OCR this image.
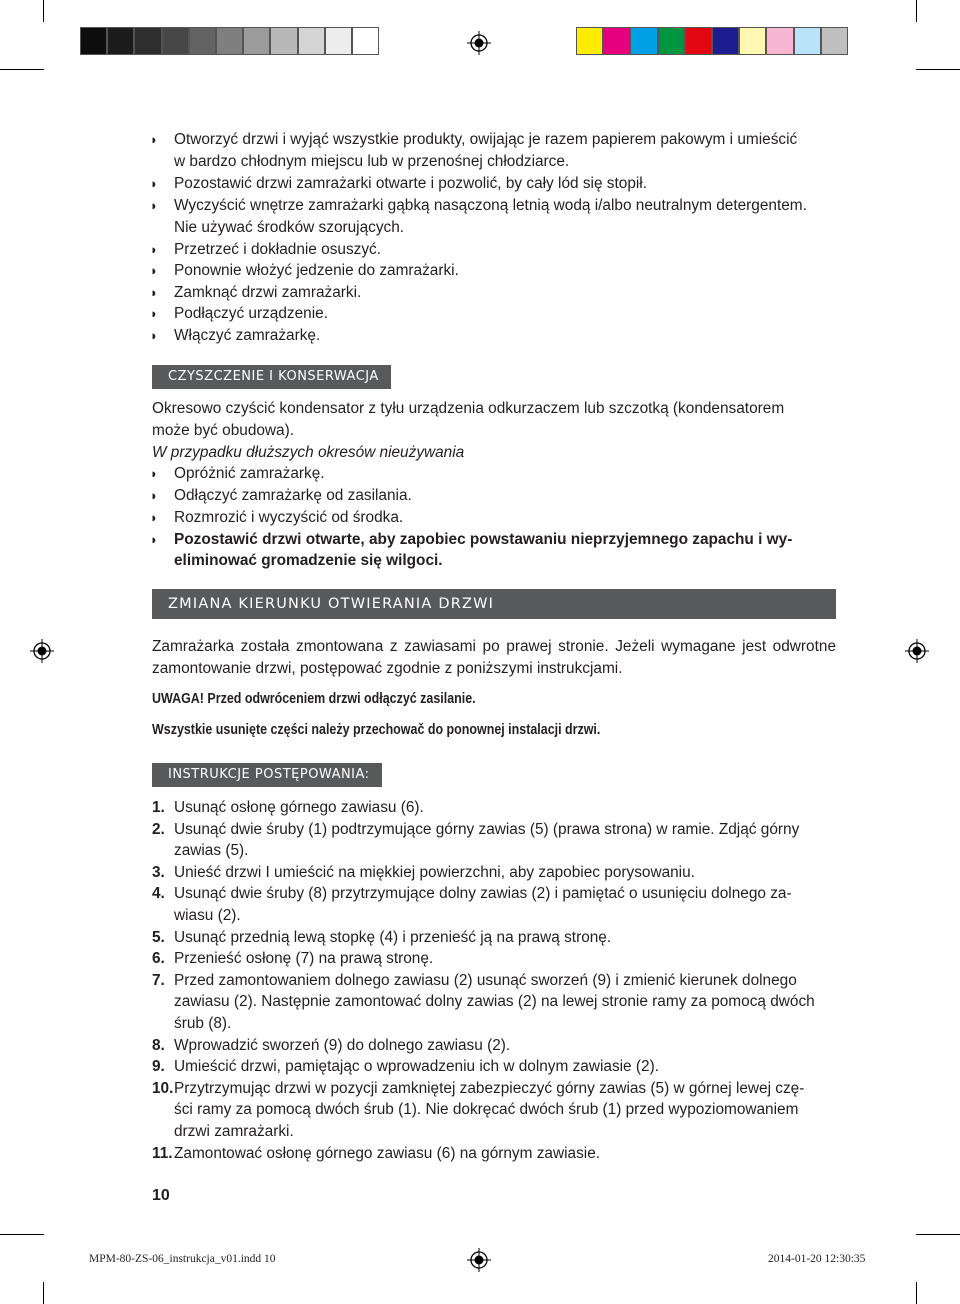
◗ Otworzyć drzwi i wyjąć wszystkie produkty, owijając je razem papierem pakowym i umieścić
w bardzo chłodnym miejscu lub w przenośnej chłodziarce.
◗ Pozostawić drzwi zamrażarki otwarte i pozwolić, by cały lód się stopił.
◗ Wyczyścić wnętrze zamrażarki gąbką nasączoną letnią wodą i/albo neutralnym detergentem.
Nie używać środków szorujących.
◗ Przetrzeć i dokładnie osuszyć.
◗ Ponownie włożyć jedzenie do zamrażarki.
◗ Zamknąć drzwi zamrażarki.
◗ Podłączyć urządzenie.
◗ Włączyć zamrażarkę.
CZYSZCZENIE I KONSERWACJA
Okresowo czyścić kondensator z tyłu urządzenia odkurzaczem lub szczotką (kondensatorem
może być obudowa).
W przypadku dłuższych okresów nieużywania
◗ Opróżnić zamrażarkę.
◗ Odłączyć zamrażarkę od zasilania.
◗ Rozmrozić i wyczyścić od środka.
◗ Pozostawić drzwi otwarte, aby zapobiec powstawaniu nieprzyjemnego zapachu i wy-
eliminować gromadzenie się wilgoci.
ZMIANA KIERUNKU OTWIERANIA DRZWI
Zamrażarka została zmontowana z zawiasami po prawej stronie. Jeżeli wymagane jest odwrotne zamontowanie drzwi, postępować zgodnie z poniższymi instrukcjami.
UWAGA! Przed odwróceniem drzwi odłączyć zasilanie.
Wszystkie usunięte części należy przechowač do ponownej instalacji drzwi.
INSTRUKCJE POSTĘPOWANIA:
1. Usunąć osłonę górnego zawiasu (6).
2. Usunąć dwie śruby (1) podtrzymujące górny zawias (5) (prawa strona) w ramie. Zdjąć górny
zawias (5).
3. Unieść drzwi I umieścić na miękkiej powierzchni, aby zapobiec porysowaniu.
4. Usunąć dwie śruby (8) przytrzymujące dolny zawias (2) i pamiętać o usunięciu dolnego za-
wiasu (2).
5. Usunąć przednią lewą stopkę (4) i przenieść ją na prawą stronę.
6. Przenieść osłonę (7) na prawą stronę.
7. Przed zamontowaniem dolnego zawiasu (2) usunąć sworzeń (9) i zmienić kierunek dolnego
zawiasu (2). Następnie zamontować dolny zawias (2) na lewej stronie ramy za pomocą dwóch
śrub (8).
8. Wprowadzić sworzeń (9) do dolnego zawiasu (2).
9. Umieścić drzwi, pamiętając o wprowadzeniu ich w dolnym zawiasie (2).
10. Przytrzymując drzwi w pozycji zamkniętej zabezpieczyć górny zawias (5) w górnej lewej czę-
ści ramy za pomocą dwóch śrub (1). Nie dokręcać dwóch śrub (1) przed wypoziomowaniem
drzwi zamrażarki.
11. Zamontować osłonę górnego zawiasu (6) na górnym zawiasie.
10
MPM-80-ZS-06_instrukcja_v01.indd 10	2014-01-20 12:30:35
